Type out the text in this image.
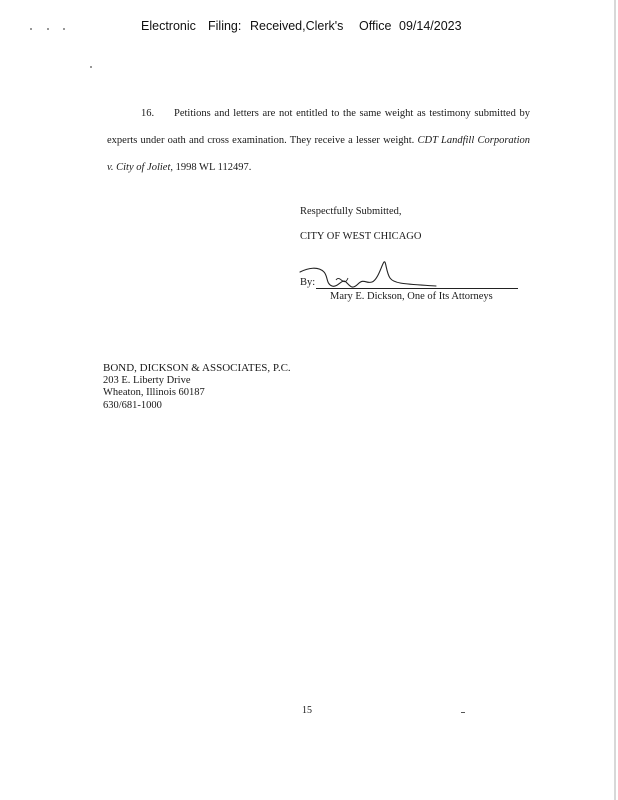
Electronic Filing: Received,Clerk's Office 09/14/2023
16. Petitions and letters are not entitled to the same weight as testimony submitted by experts under oath and cross examination. They receive a lesser weight. CDT Landfill Corporation v. City of Joliet, 1998 WL 112497.
Respectfully Submitted,
CITY OF WEST CHICAGO
By:
Mary E. Dickson, One of Its Attorneys
BOND, DICKSON & ASSOCIATES, P.C.
203 E. Liberty Drive
Wheaton, Illinois 60187
630/681-1000
15
